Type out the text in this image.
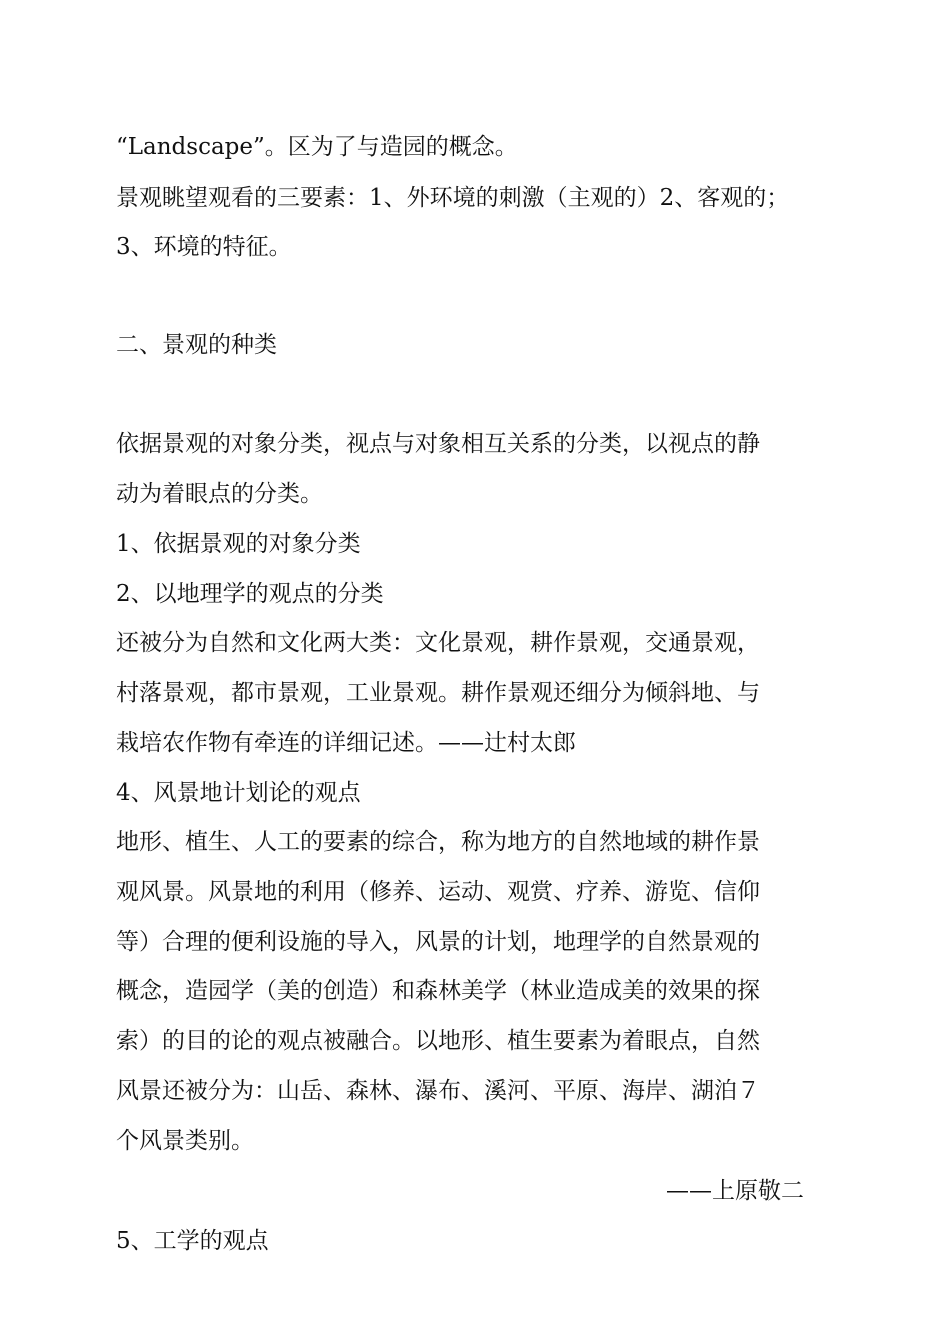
“Landscape”。区为了与造园的概念。

景观眺望观看的三要素：1、外环境的刺激（主观的）2、客观的；

3、环境的特征。

二、景观的种类

依据景观的对象分类，视点与对象相互关系的分类，以视点的静

动为着眼点的分类。

1、依据景观的对象分类

2、以地理学的观点的分类

还被分为自然和文化两大类：文化景观，耕作景观，交通景观，

村落景观，都市景观，工业景观。耕作景观还细分为倾斜地、与

栽培农作物有牵连的详细记述。——辻村太郎

4、风景地计划论的观点

地形、植生、人工的要素的综合，称为地方的自然地域的耕作景

观风景。风景地的利用（修养、运动、观赏、疗养、游览、信仰

等）合理的便利设施的导入，风景的计划，地理学的自然景观的

概念，造园学（美的创造）和森林美学（林业造成美的效果的探

索）的目的论的观点被融合。以地形、植生要素为着眼点，自然

风景还被分为：山岳、森林、瀑布、溪河、平原、海岸、湖泊７

个风景类别。

——上原敬二

5、工学的观点
